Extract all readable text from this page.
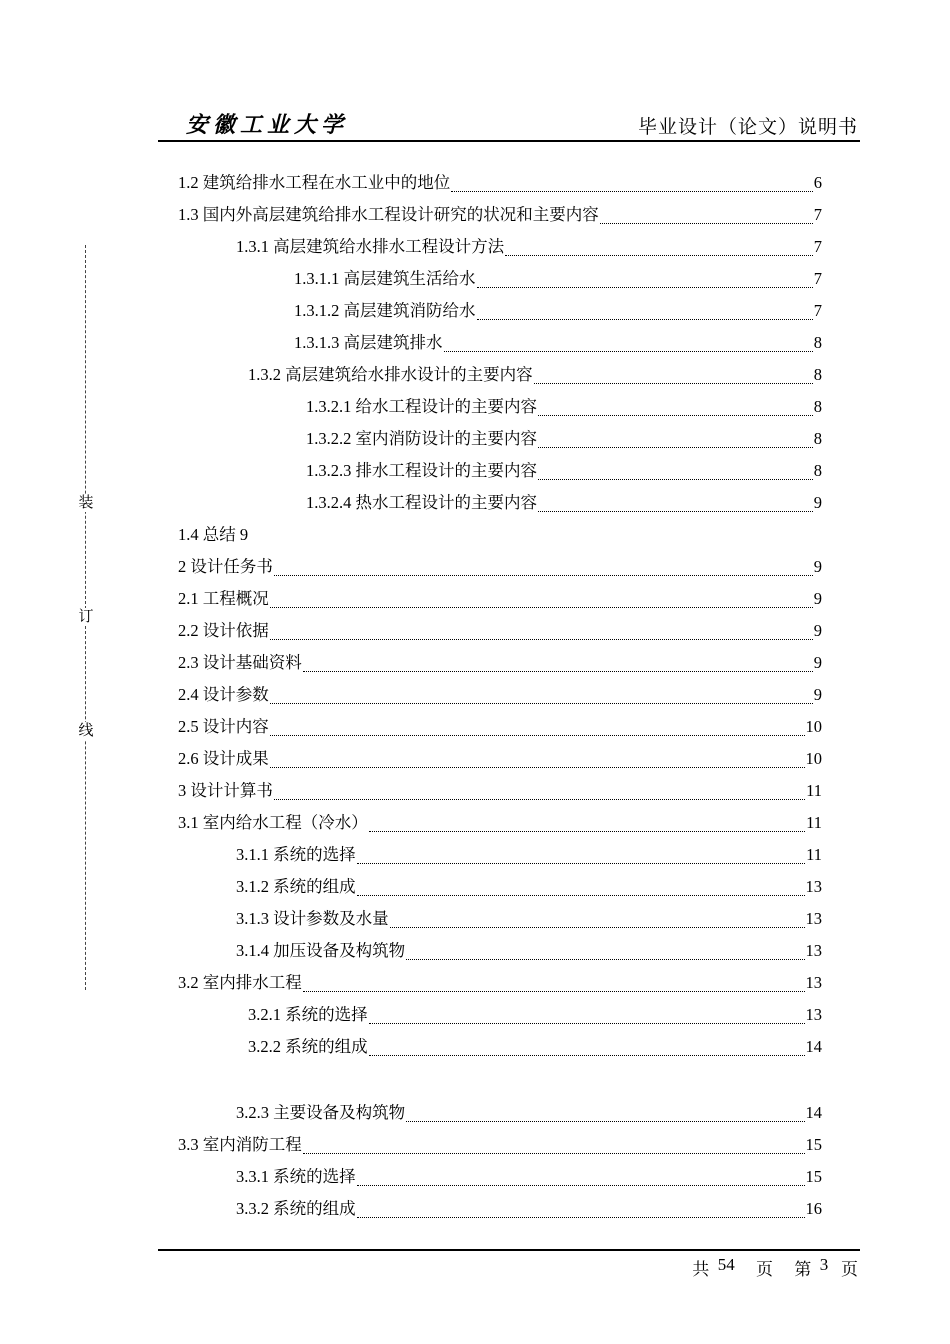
安徽工业大学	毕业设计（论文）说明书
装
订
线
1.2 建筑给排水工程在水工业中的地位	6
1.3 国内外高层建筑给排水工程设计研究的状况和主要内容	7
1.3.1 高层建筑给水排水工程设计方法	7
1.3.1.1 高层建筑生活给水	7
1.3.1.2 高层建筑消防给水	7
1.3.1.3 高层建筑排水	8
1.3.2 高层建筑给水排水设计的主要内容	8
1.3.2.1 给水工程设计的主要内容	8
1.3.2.2 室内消防设计的主要内容	8
1.3.2.3 排水工程设计的主要内容	8
1.3.2.4 热水工程设计的主要内容	9
1.4 总结 9
2 设计任务书	9
2.1 工程概况	9
2.2 设计依据	9
2.3 设计基础资料	9
2.4 设计参数	9
2.5 设计内容	10
2.6 设计成果	10
3 设计计算书	11
3.1 室内给水工程（冷水）	11
3.1.1 系统的选择	11
3.1.2 系统的组成	13
3.1.3 设计参数及水量	13
3.1.4 加压设备及构筑物	13
3.2 室内排水工程	13
3.2.1 系统的选择	13
3.2.2 系统的组成	14
3.2.3 主要设备及构筑物	14
3.3 室内消防工程	15
3.3.1 系统的选择	15
3.3.2 系统的组成	16
共
54
页
第
3
页
